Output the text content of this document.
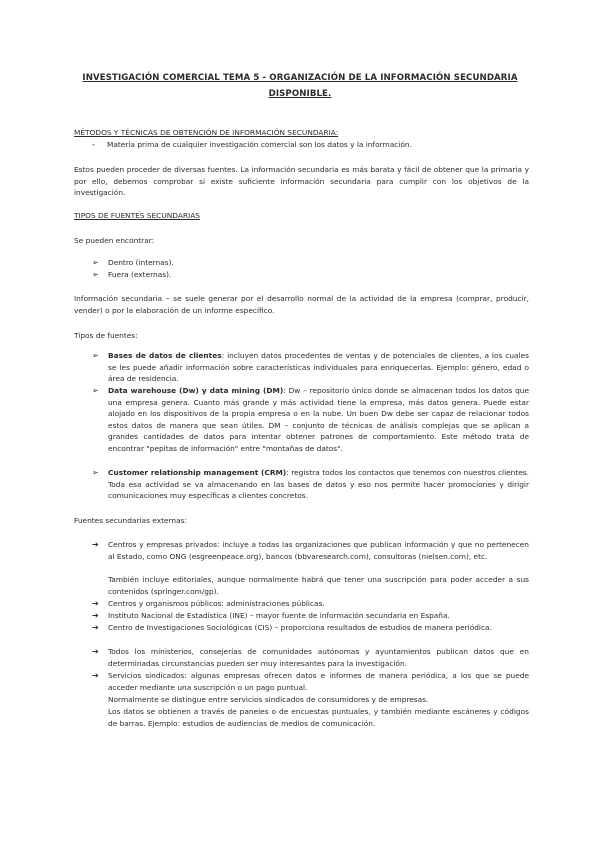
INVESTIGACIÓN COMERCIAL TEMA 5 - ORGANIZACIÓN DE LA INFORMACIÓN SECUNDARIA DISPONIBLE.
MÉTODOS Y TÉCNICAS DE OBTENCIÓN DE INFORMACIÓN SECUNDARIA:
- Materia prima de cualquier investigación comercial son los datos y la información.
Estos pueden proceder de diversas fuentes. La información secundaria es más barata y fácil de obtener que la primaria y por ello, debemos comprobar si existe suficiente información secundaria para cumplir con los objetivos de la investigación.
TIPOS DE FUENTES SECUNDARIAS
Se pueden encontrar:
➢ Dentro (internas).
➢ Fuera (externas).
Información secundaria – se suele generar por el desarrollo normal de la actividad de la empresa (comprar, producir, vender) o por la elaboración de un informe específico.
Tipos de fuentes:
➢ Bases de datos de clientes: incluyen datos procedentes de ventas y de potenciales de clientes, a los cuales se les puede añadir información sobre características individuales para enriquecerlas. Ejemplo: género, edad o área de residencia.
➢ Data warehouse (Dw) y data mining (DM): Dw – repositorio único donde se almacenan todos los datos que una empresa genera. Cuanto más grande y más actividad tiene la empresa, más datos genera. Puede estar alojado en los dispositivos de la propia empresa o en la nube. Un buen Dw debe ser capaz de relacionar todos estos datos de manera que sean útiles. DM – conjunto de técnicas de análisis complejas que se aplican a grandes cantidades de datos para intentar obtener patrones de comportamiento. Este método trata de encontrar "pepitas de información" entre "montañas de datos".
➢ Customer relationship management (CRM): registra todos los contactos que tenemos con nuestros clientes. Toda esa actividad se va almacenando en las bases de datos y eso nos permite hacer promociones y dirigir comunicaciones muy específicas a clientes concretos.
Fuentes secundarias externas:
➔ Centros y empresas privados: incluye a todas las organizaciones que publican información y que no pertenecen al Estado, como ONG (esgreenpeace.org), bancos (bbvaresearch.com), consultoras (nielsen.com), etc.
También incluye editoriales, aunque normalmente habrá que tener una suscripción para poder acceder a sus contenidos (springer.com/gp).
➔ Centros y organismos públicos: administraciones públicas.
➔ Instituto Nacional de Estadística (INE) – mayor fuente de información secundaria en España.
➔ Centro de Investigaciones Sociológicas (CIS) – proporciona resultados de estudios de manera periódica.
➔ Todos los ministerios, consejerías de comunidades autónomas y ayuntamientos publican datos que en determinadas circunstancias pueden ser muy interesantes para la investigación.
➔ Servicios sindicados: algunas empresas ofrecen datos e informes de manera periódica, a los que se puede acceder mediante una suscripción o un pago puntual.
Normalmente se distingue entre servicios sindicados de consumidores y de empresas.
Los datos se obtienen a través de paneles o de encuestas puntuales, y también mediante escáneres y códigos de barras. Ejemplo: estudios de audiencias de medios de comunicación.
